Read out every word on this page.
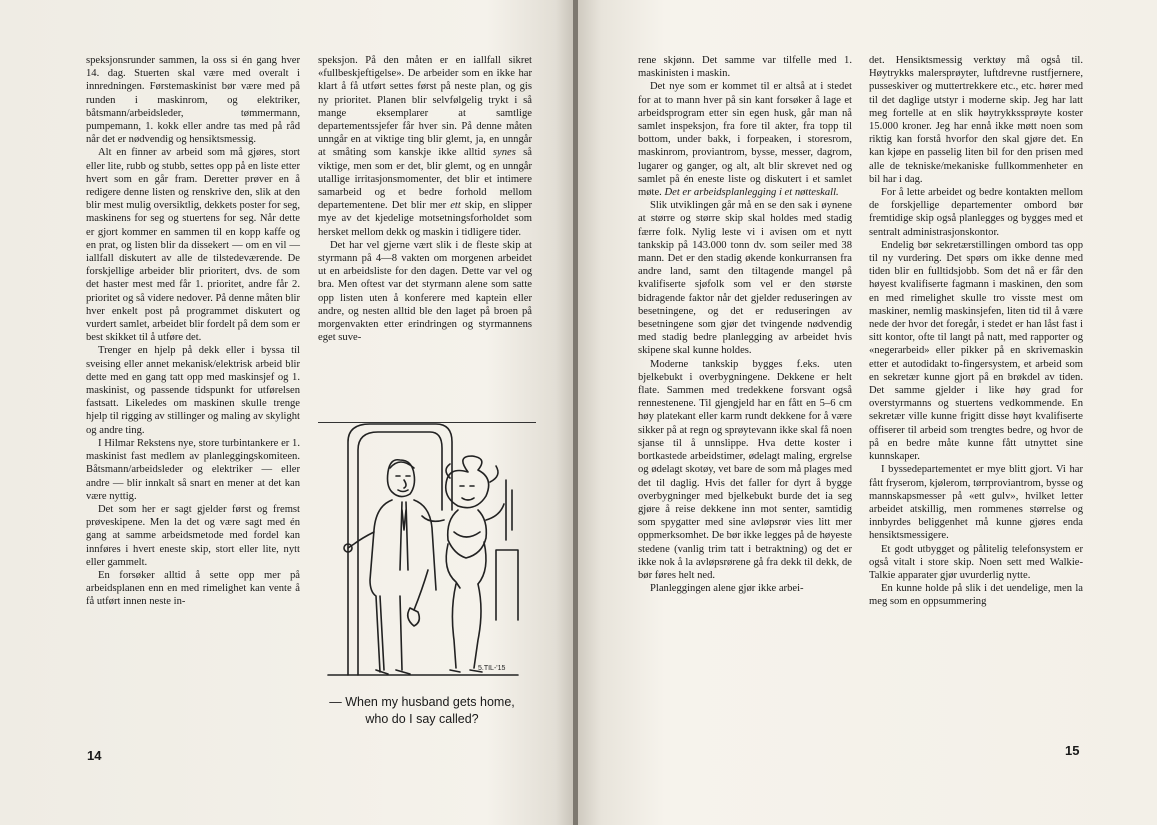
speksjonsrunder sammen, la oss si én gang hver 14. dag. Stuerten skal være med overalt i innredningen. Førstemaskinist bør være med på runden i maskinrom, og elektriker, båtsmann/arbeidsleder, tømmermann, pumpemann, 1. kokk eller andre tas med på råd når det er nødvendig og hensiktsmessig.

Alt en finner av arbeid som må gjøres, stort eller lite, rubb og stubb, settes opp på en liste etter hvert som en går fram. Deretter prøver en å redigere denne listen og renskrive den, slik at den blir mest mulig oversiktlig, dekkets poster for seg, maskinens for seg og stuertens for seg. Når dette er gjort kommer en sammen til en kopp kaffe og en prat, og listen blir da dissekert — om en vil — iallfall diskutert av alle de tilstedeværende. De forskjellige arbeider blir prioritert, dvs. de som det haster mest med får 1. prioritet, andre får 2. prioritet og så videre nedover. På denne måten blir hver enkelt post på programmet diskutert og vurdert samlet, arbeidet blir fordelt på dem som er best skikket til å utføre det.

Trenger en hjelp på dekk eller i byssa til sveising eller annet mekanisk/elektrisk arbeid blir dette med en gang tatt opp med maskinsjef og 1. maskinist, og passende tidspunkt for utførelsen fastsatt. Likeledes om maskinen skulle trenge hjelp til rigging av stillinger og maling av skylight og andre ting.

I Hilmar Rekstens nye, store turbintankere er 1. maskinist fast medlem av planleggingskomiteen. Båtsmann/arbeidsleder og elektriker — eller andre — blir innkalt så snart en mener at det kan være nyttig.

Det som her er sagt gjelder først og fremst prøveskipene. Men la det og være sagt med én gang at samme arbeidsmetode med fordel kan innføres i hvert eneste skip, stort eller lite, nytt eller gammelt.

En forsøker alltid å sette opp mer på arbeidsplanen enn en med rimelighet kan vente å få utført innen neste in-

speksjon. På den måten er en iallfall sikret «fullbeskjeftigelse». De arbeider som en ikke har klart å få utført settes først på neste plan, og gis ny prioritet. Planen blir selvfølgelig trykt i så mange eksemplarer at samtlige departementssjefer får hver sin. På denne måten unngår en at viktige ting blir glemt, ja, en unngår at småting som kanskje ikke alltid synes så viktige, men som er det, blir glemt, og en unngår utallige irritasjonsmomenter, det blir et intimere samarbeid og et bedre forhold mellom departementene. Det blir mer ett skip, en slipper mye av det kjedelige motsetningsforholdet som hersket mellom dekk og maskin i tidligere tider.

Det har vel gjerne vært slik i de fleste skip at styrmann på 4—8 vakten om morgenen arbeidet ut en arbeidsliste for den dagen. Dette var vel og bra. Men oftest var det styrmann alene som satte opp listen uten å konferere med kaptein eller andre, og nesten alltid ble den laget på broen på morgenvakten etter erindringen og styrmannens eget suve-

5.TIL-'15
— When my husband gets home,
who do I say called?
14

rene skjønn. Det samme var tilfelle med 1. maskinisten i maskin.

Det nye som er kommet til er altså at i stedet for at to mann hver på sin kant forsøker å lage et arbeidsprogram etter sin egen husk, går man nå samlet inspeksjon, fra fore til akter, fra topp til bottom, under bakk, i forpeaken, i storesrom, maskinrom, proviantrom, bysse, messer, dagrom, lugarer og ganger, og alt, alt blir skrevet ned og samlet på én eneste liste og diskutert i et samlet møte. Det er arbeidsplanlegging i et nøtteskall.

Slik utviklingen går må en se den sak i øynene at større og større skip skal holdes med stadig færre folk. Nylig leste vi i avisen om et nytt tankskip på 143.000 tonn dv. som seiler med 38 mann. Det er den stadig økende konkurransen fra andre land, samt den tiltagende mangel på kvalifiserte sjøfolk som vel er den største bidragende faktor når det gjelder reduseringen av besetningene, og det er reduseringen av besetningene som gjør det tvingende nødvendig med stadig bedre planlegging av arbeidet hvis skipene skal kunne holdes.

Moderne tankskip bygges f.eks. uten bjelkebukt i overbygningene. Dekkene er helt flate. Sammen med tredekkene forsvant også rennestenene. Til gjengjeld har en fått en 5–6 cm høy platekant eller karm rundt dekkene for å være sikker på at regn og sprøytevann ikke skal få noen sjanse til å unnslippe. Hva dette koster i bortkastede arbeidstimer, ødelagt maling, ergrelse og ødelagt skotøy, vet bare de som må plages med det til daglig. Hvis det faller for dyrt å bygge overbygninger med bjelkebukt burde det ia seg gjøre å reise dekkene inn mot senter, samtidig som spygatter med sine avløpsrør vies litt mer oppmerksomhet. De bør ikke legges på de høyeste stedene (vanlig trim tatt i betraktning) og det er ikke nok å la avløpsrørene gå fra dekk til dekk, de bør føres helt ned.

Planleggingen alene gjør ikke arbei-

det. Hensiktsmessig verktøy må også til. Høytrykks malersprøyter, luftdrevne rustfjernere, pusseskiver og muttertrekkere etc., etc. hører med til det daglige utstyr i moderne skip. Jeg har latt meg fortelle at en slik høytrykkssprøyte koster 15.000 kroner. Jeg har ennå ikke møtt noen som riktig kan forstå hvorfor den skal gjøre det. En kan kjøpe en passelig liten bil for den prisen med alle de tekniske/mekaniske fullkommenheter en bil har i dag.

For å lette arbeidet og bedre kontakten mellom de forskjellige departementer ombord bør fremtidige skip også planlegges og bygges med et sentralt administrasjonskontor.

Endelig bør sekretærstillingen ombord tas opp til ny vurdering. Det spørs om ikke denne med tiden blir en fulltidsjobb. Som det nå er får den høyest kvalifiserte fagmann i maskinen, den som en med rimelighet skulle tro visste mest om maskiner, nemlig maskinsjefen, liten tid til å være nede der hvor det foregår, i stedet er han låst fast i sitt kontor, ofte til langt på natt, med rapporter og «negerarbeid» eller pikker på en skrivemaskin etter et autodidakt to-fingersystem, et arbeid som en sekretær kunne gjort på en brøkdel av tiden. Det samme gjelder i like høy grad for overstyrmanns og stuertens vedkommende. En sekretær ville kunne frigitt disse høyt kvalifiserte offiserer til arbeid som trengtes bedre, og hvor de på en bedre måte kunne fått utnyttet sine kunnskaper.

I byssedepartementet er mye blitt gjort. Vi har fått fryserom, kjølerom, tørrproviantrom, bysse og mannskapsmesser på «ett gulv», hvilket letter arbeidet atskillig, men rommenes størrelse og innbyrdes beliggenhet må kunne gjøres enda hensiktsmessigere.

Et godt utbygget og pålitelig telefonsystem er også vitalt i store skip. Noen sett med Walkie-Talkie apparater gjør uvurderlig nytte.

En kunne holde på slik i det uendelige, men la meg som en oppsummering

15
